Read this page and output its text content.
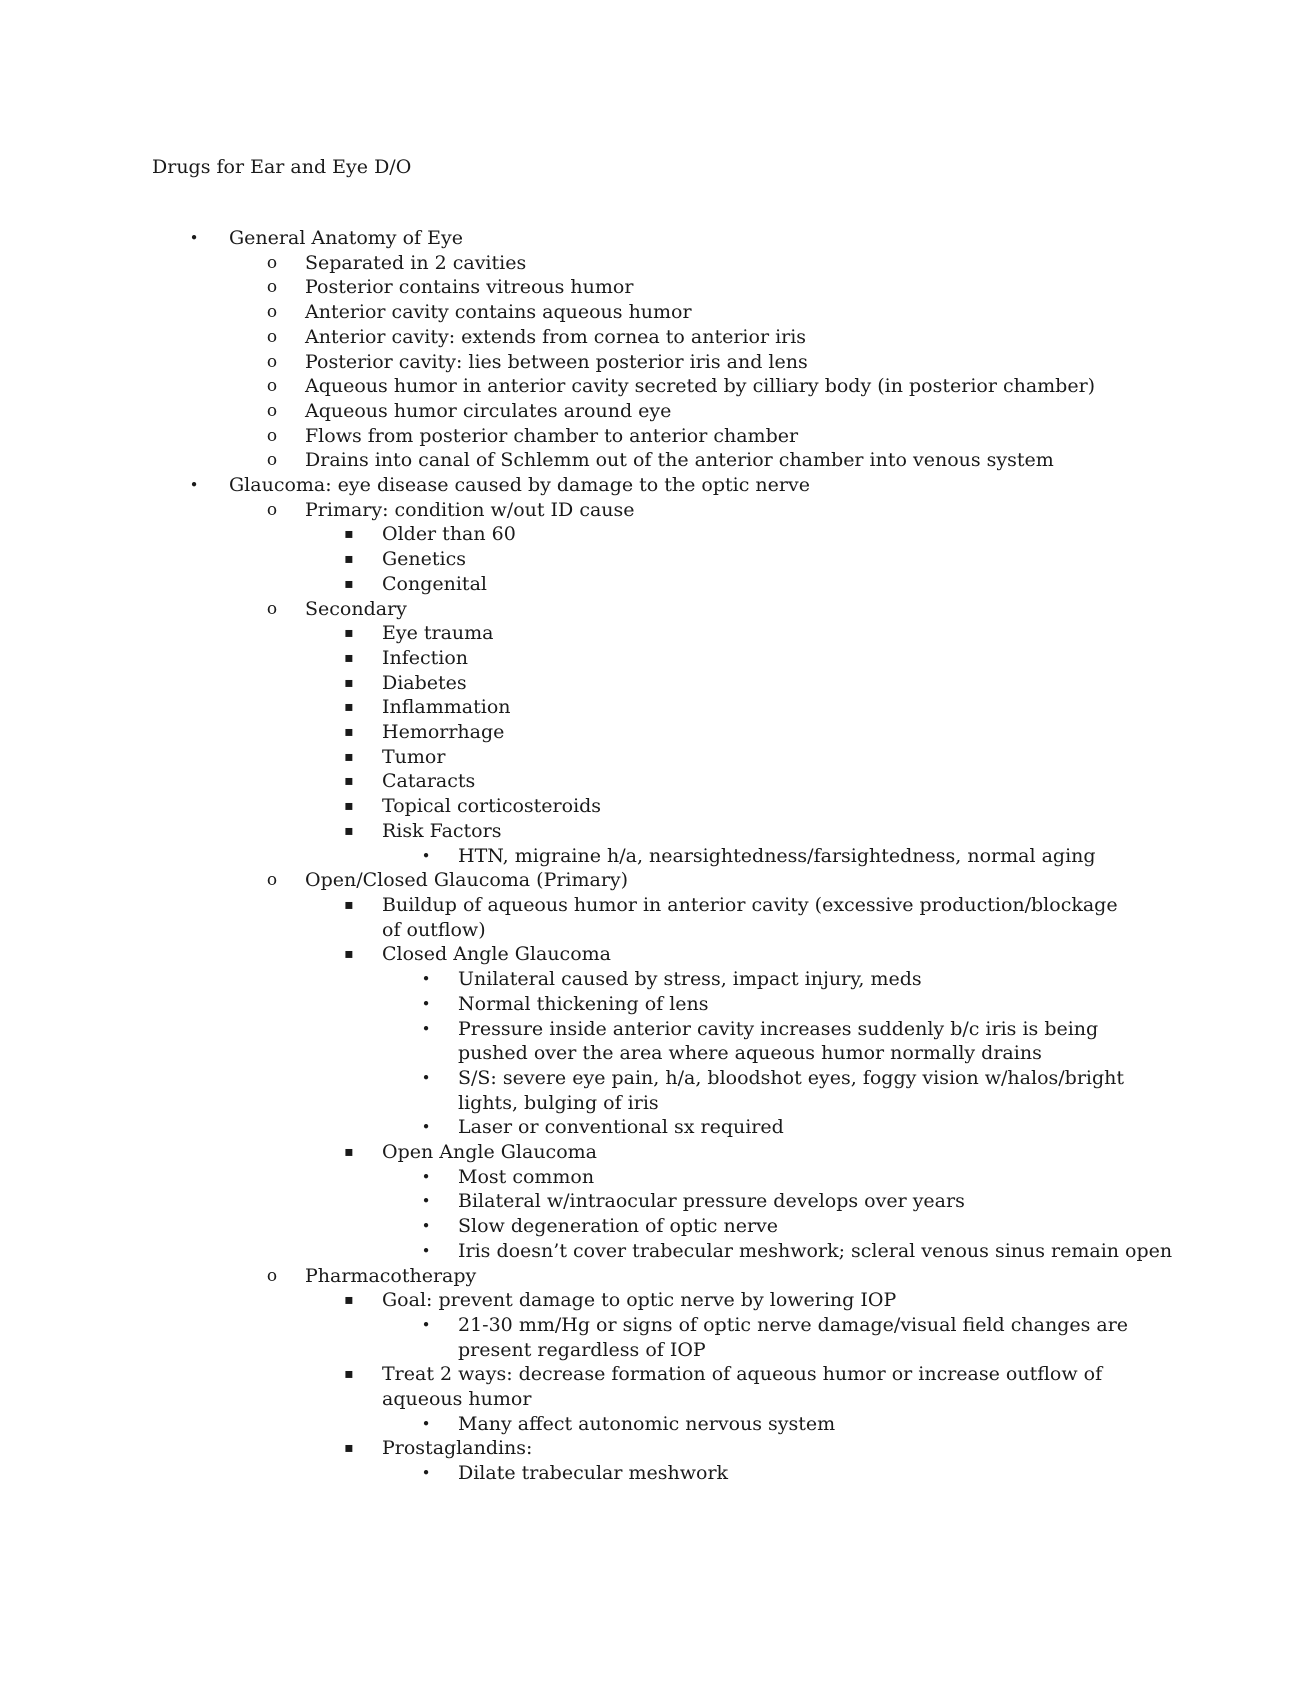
Drugs for Ear and Eye D/O
• General Anatomy of Eye
o Separated in 2 cavities
o Posterior contains vitreous humor
o Anterior cavity contains aqueous humor
o Anterior cavity: extends from cornea to anterior iris
o Posterior cavity: lies between posterior iris and lens
o Aqueous humor in anterior cavity secreted by cilliary body (in posterior chamber)
o Aqueous humor circulates around eye
o Flows from posterior chamber to anterior chamber
o Drains into canal of Schlemm out of the anterior chamber into venous system
• Glaucoma: eye disease caused by damage to the optic nerve
o Primary: condition w/out ID cause
▪ Older than 60
▪ Genetics
▪ Congenital
o Secondary
▪ Eye trauma
▪ Infection
▪ Diabetes
▪ Inflammation
▪ Hemorrhage
▪ Tumor
▪ Cataracts
▪ Topical corticosteroids
▪ Risk Factors
• HTN, migraine h/a, nearsightedness/farsightedness, normal aging
o Open/Closed Glaucoma (Primary)
▪ Buildup of aqueous humor in anterior cavity (excessive production/blockage of outflow)
▪ Closed Angle Glaucoma
• Unilateral caused by stress, impact injury, meds
• Normal thickening of lens
• Pressure inside anterior cavity increases suddenly b/c iris is being pushed over the area where aqueous humor normally drains
• S/S: severe eye pain, h/a, bloodshot eyes, foggy vision w/halos/bright lights, bulging of iris
• Laser or conventional sx required
▪ Open Angle Glaucoma
• Most common
• Bilateral w/intraocular pressure develops over years
• Slow degeneration of optic nerve
• Iris doesn’t cover trabecular meshwork; scleral venous sinus remain open
o Pharmacotherapy
▪ Goal: prevent damage to optic nerve by lowering IOP
• 21-30 mm/Hg or signs of optic nerve damage/visual field changes are present regardless of IOP
▪ Treat 2 ways: decrease formation of aqueous humor or increase outflow of aqueous humor
• Many affect autonomic nervous system
▪ Prostaglandins:
• Dilate trabecular meshwork
